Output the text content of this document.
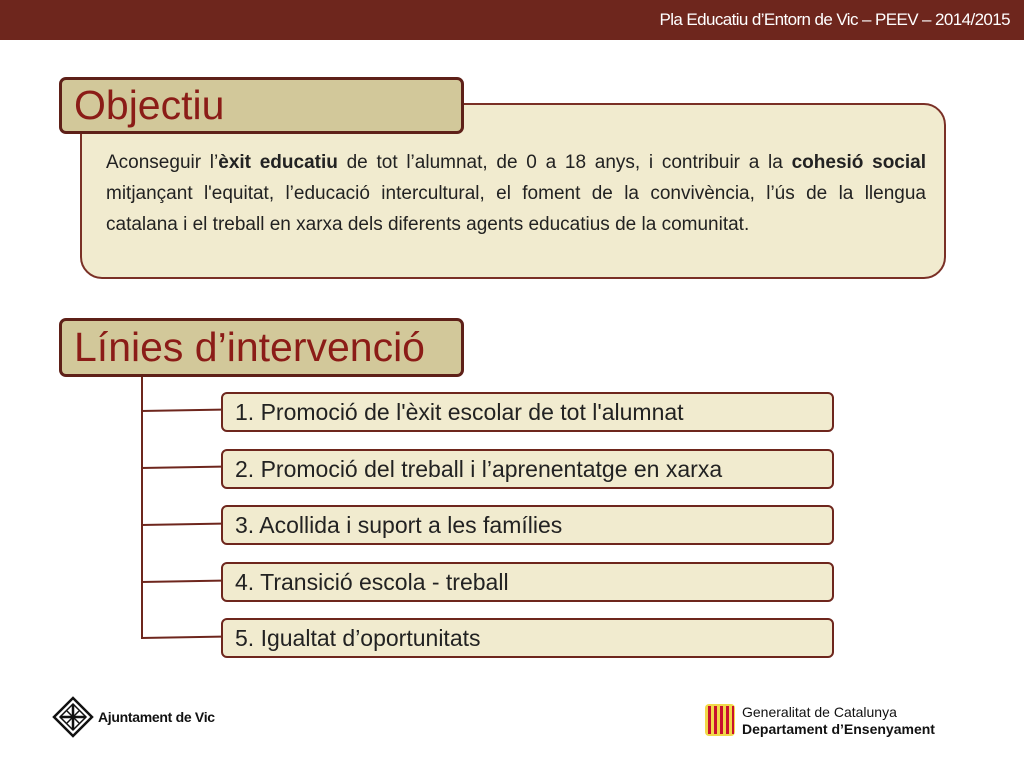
Pla Educatiu d’Entorn de Vic – PEEV – 2014/2015

Aconseguir l’èxit educatiu de tot l’alumnat, de 0 a 18 anys, i contribuir a la cohesió social mitjançant l'equitat, l’educació intercultural, el foment de la convivència, l’ús de la llengua catalana i el treball en xarxa dels diferents agents educatius de la comunitat.

Objectiu
Línies d’intervenció
1. Promoció de l'èxit escolar de tot l'alumnat
2. Promoció del treball i l’aprenentatge en xarxa
3. Acollida i suport a les famílies
4. Transició escola - treball
5. Igualtat d’oportunitats
Ajuntament de Vic	Generalitat de Catalunya
Departament d’Ensenyament
